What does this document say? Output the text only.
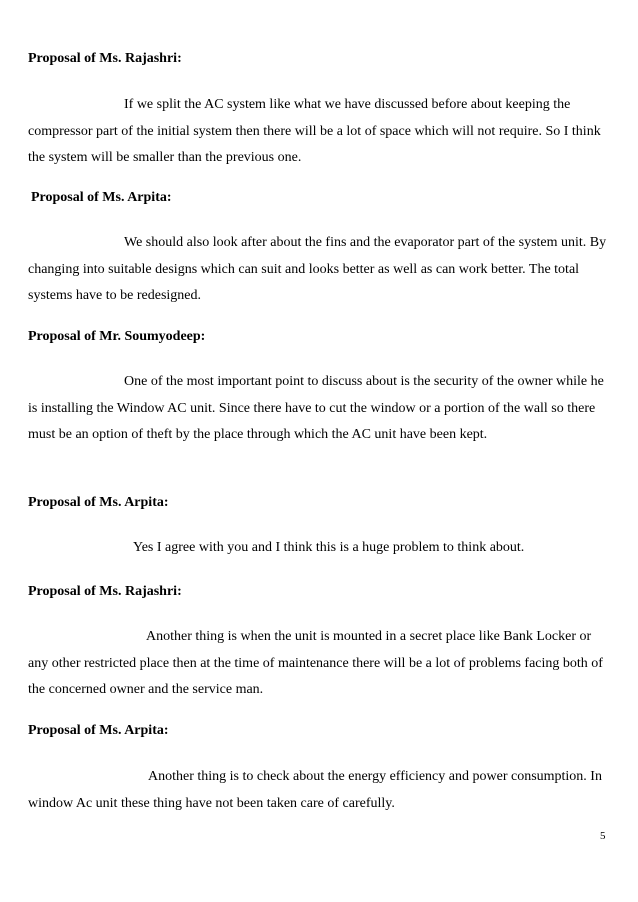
Proposal of Ms. Rajashri:

If we split the AC system like what we have discussed before about keeping the compressor part of the initial system then there will be a lot of space which will not require. So I think the system will be smaller than the previous one.

Proposal of Ms. Arpita:

We should also look after about the fins and the evaporator part of the system unit. By changing into suitable designs which can suit and looks better as well as can work better. The total systems have to be redesigned.

Proposal of Mr. Soumyodeep:

One of the most important point to discuss about is the security of the owner while he is installing the Window AC unit. Since there have to cut the window or a portion of the wall so there must be an option of theft by the place through which the AC unit have been kept.

Proposal of Ms. Arpita:

Yes I agree with you and I think this is a huge problem to think about.

Proposal of Ms. Rajashri:

Another thing is when the unit is mounted in a secret place like Bank Locker or any other restricted place then at the time of maintenance there will be a lot of problems facing both of the concerned owner and the service man.

Proposal of Ms. Arpita:

Another thing is to check about the energy efficiency and power consumption. In window Ac unit these thing have not been taken care of carefully.

5
